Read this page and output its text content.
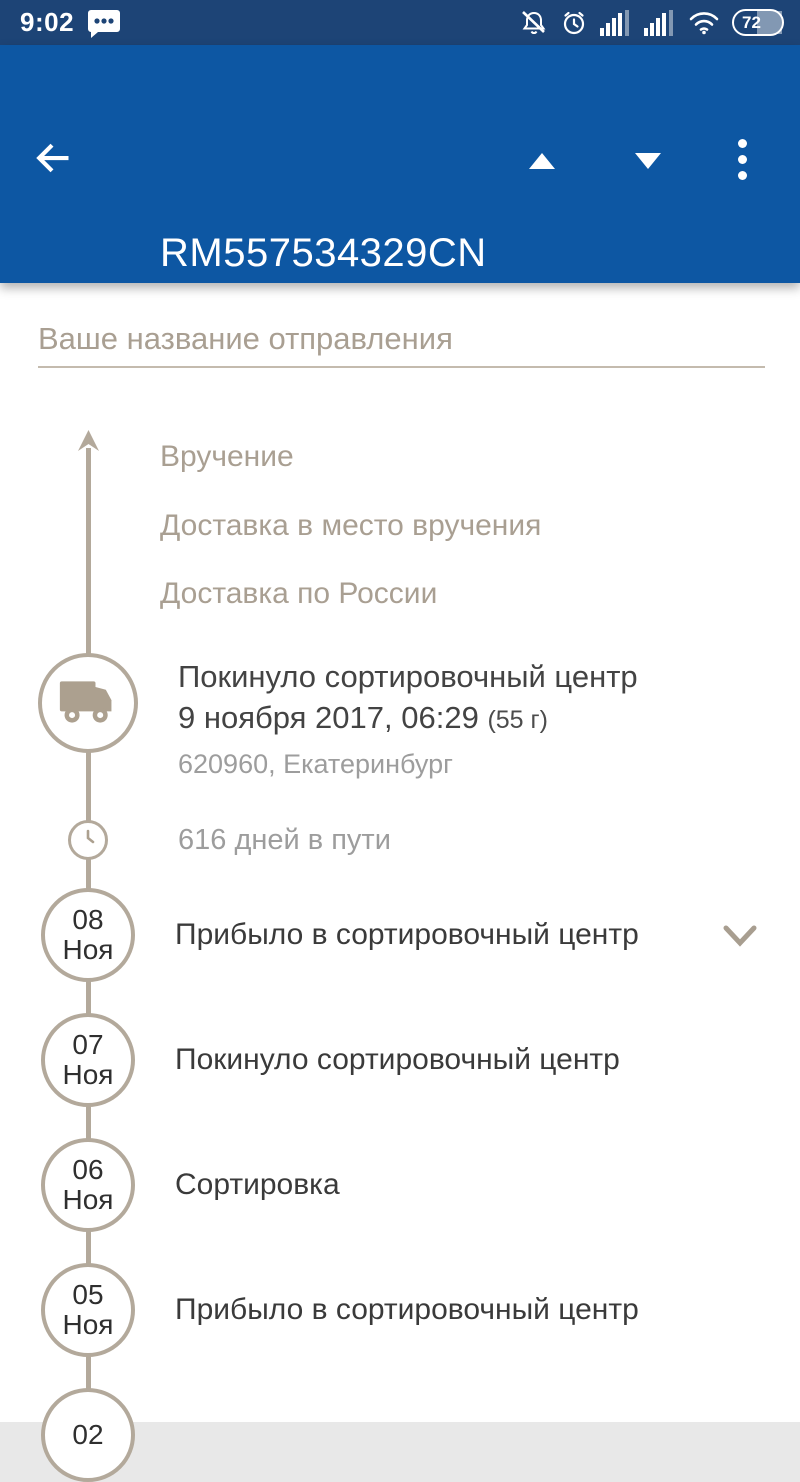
9:02	72
RM557534329CN
Ваше название отправления
Вручение
Доставка в место вручения
Доставка по России
Покинуло сортировочный центр
9 ноября 2017, 06:29 (55 г)
620960, Екатеринбург
616 дней в пути
08
Ноя Прибыло в сортировочный центр
07
Ноя Покинуло сортировочный центр
06
Ноя Сортировка
05
Ноя Прибыло в сортировочный центр
02
